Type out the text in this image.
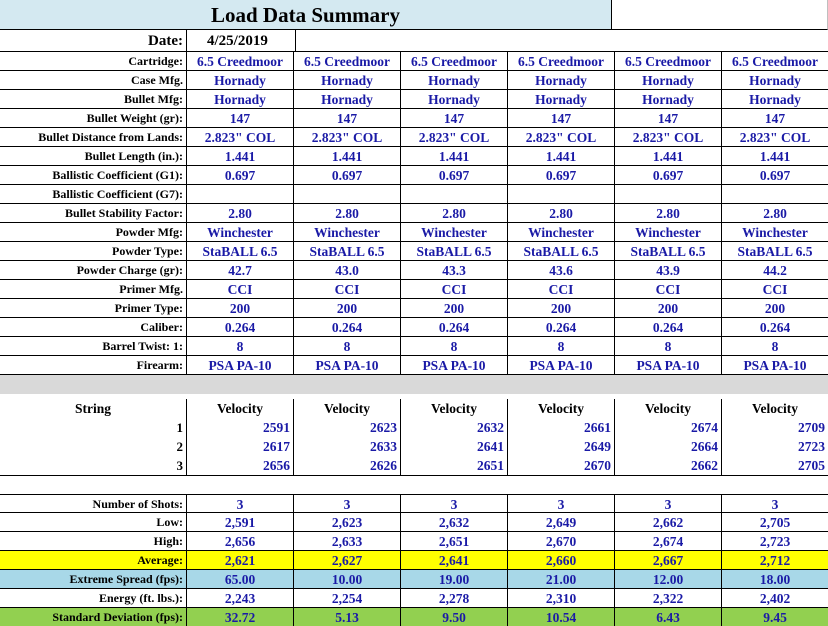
Load Data Summary
Date:	4/25/2019
Cartridge:	6.5 Creedmoor	6.5 Creedmoor	6.5 Creedmoor	6.5 Creedmoor	6.5 Creedmoor	6.5 Creedmoor
Case Mfg.	Hornady	Hornady	Hornady	Hornady	Hornady	Hornady
Bullet Mfg:	Hornady	Hornady	Hornady	Hornady	Hornady	Hornady
Bullet Weight (gr):	147	147	147	147	147	147
Bullet Distance from Lands:	2.823" COL	2.823" COL	2.823" COL	2.823" COL	2.823" COL	2.823" COL
Bullet Length (in.):	1.441	1.441	1.441	1.441	1.441	1.441
Ballistic Coefficient (G1):	0.697	0.697	0.697	0.697	0.697	0.697
Ballistic Coefficient (G7):
Bullet Stability Factor:	2.80	2.80	2.80	2.80	2.80	2.80
Powder Mfg:	Winchester	Winchester	Winchester	Winchester	Winchester	Winchester
Powder Type:	StaBALL 6.5	StaBALL 6.5	StaBALL 6.5	StaBALL 6.5	StaBALL 6.5	StaBALL 6.5
Powder Charge (gr):	42.7	43.0	43.3	43.6	43.9	44.2
Primer Mfg.	CCI	CCI	CCI	CCI	CCI	CCI
Primer Type:	200	200	200	200	200	200
Caliber:	0.264	0.264	0.264	0.264	0.264	0.264
Barrel Twist: 1:	8	8	8	8	8	8
Firearm:	PSA PA-10	PSA PA-10	PSA PA-10	PSA PA-10	PSA PA-10	PSA PA-10
String	Velocity	Velocity	Velocity	Velocity	Velocity	Velocity
1	2591	2623	2632	2661	2674	2709
2	2617	2633	2641	2649	2664	2723
3	2656	2626	2651	2670	2662	2705
Number of Shots:	3	3	3	3	3	3
Low:	2,591	2,623	2,632	2,649	2,662	2,705
High:	2,656	2,633	2,651	2,670	2,674	2,723
Average:	2,621	2,627	2,641	2,660	2,667	2,712
Extreme Spread (fps):	65.00	10.00	19.00	21.00	12.00	18.00
Energy (ft. lbs.):	2,243	2,254	2,278	2,310	2,322	2,402
Standard Deviation (fps):	32.72	5.13	9.50	10.54	6.43	9.45
